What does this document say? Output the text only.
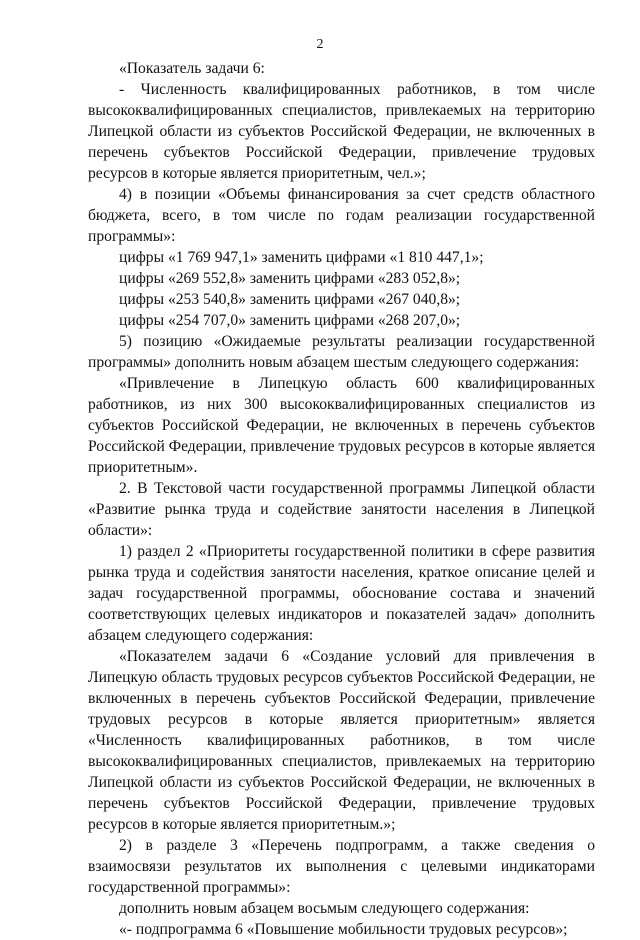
2

«Показатель задачи 6:

- Численность квалифицированных работников, в том числе высококвалифицированных специалистов, привлекаемых на территорию Липецкой области из субъектов Российской Федерации, не включенных в перечень субъектов Российской Федерации, привлечение трудовых ресурсов в которые является приоритетным, чел.»;

4) в позиции «Объемы финансирования за счет средств областного бюджета, всего, в том числе по годам реализации государственной программы»:

цифры «1 769 947,1» заменить цифрами «1 810 447,1»;

цифры «269 552,8» заменить цифрами «283 052,8»;

цифры «253 540,8» заменить цифрами «267 040,8»;

цифры «254 707,0» заменить цифрами «268 207,0»;

5) позицию «Ожидаемые результаты реализации государственной программы» дополнить новым абзацем шестым следующего содержания:

«Привлечение в Липецкую область 600 квалифицированных работников, из них 300 высококвалифицированных специалистов из субъектов Российской Федерации, не включенных в перечень субъектов Российской Федерации, привлечение трудовых ресурсов в которые является приоритетным».

2. В Текстовой части государственной программы Липецкой области «Развитие рынка труда и содействие занятости населения в Липецкой области»:

1) раздел 2 «Приоритеты государственной политики в сфере развития рынка труда и содействия занятости населения, краткое описание целей и задач государственной программы, обоснование состава и значений соответствующих целевых индикаторов и показателей задач» дополнить абзацем следующего содержания:

«Показателем задачи 6 «Создание условий для привлечения в Липецкую область трудовых ресурсов субъектов Российской Федерации, не включенных в перечень субъектов Российской Федерации, привлечение трудовых ресурсов в которые является приоритетным» является «Численность квалифицированных работников, в том числе высококвалифицированных специалистов, привлекаемых на территорию Липецкой области из субъектов Российской Федерации, не включенных в перечень субъектов Российской Федерации, привлечение трудовых ресурсов в которые является приоритетным.»;

2) в разделе 3 «Перечень подпрограмм, а также сведения о взаимосвязи результатов их выполнения с целевыми индикаторами государственной программы»:

дополнить новым абзацем восьмым следующего содержания:

«- подпрограмма 6 «Повышение мобильности трудовых ресурсов»;
